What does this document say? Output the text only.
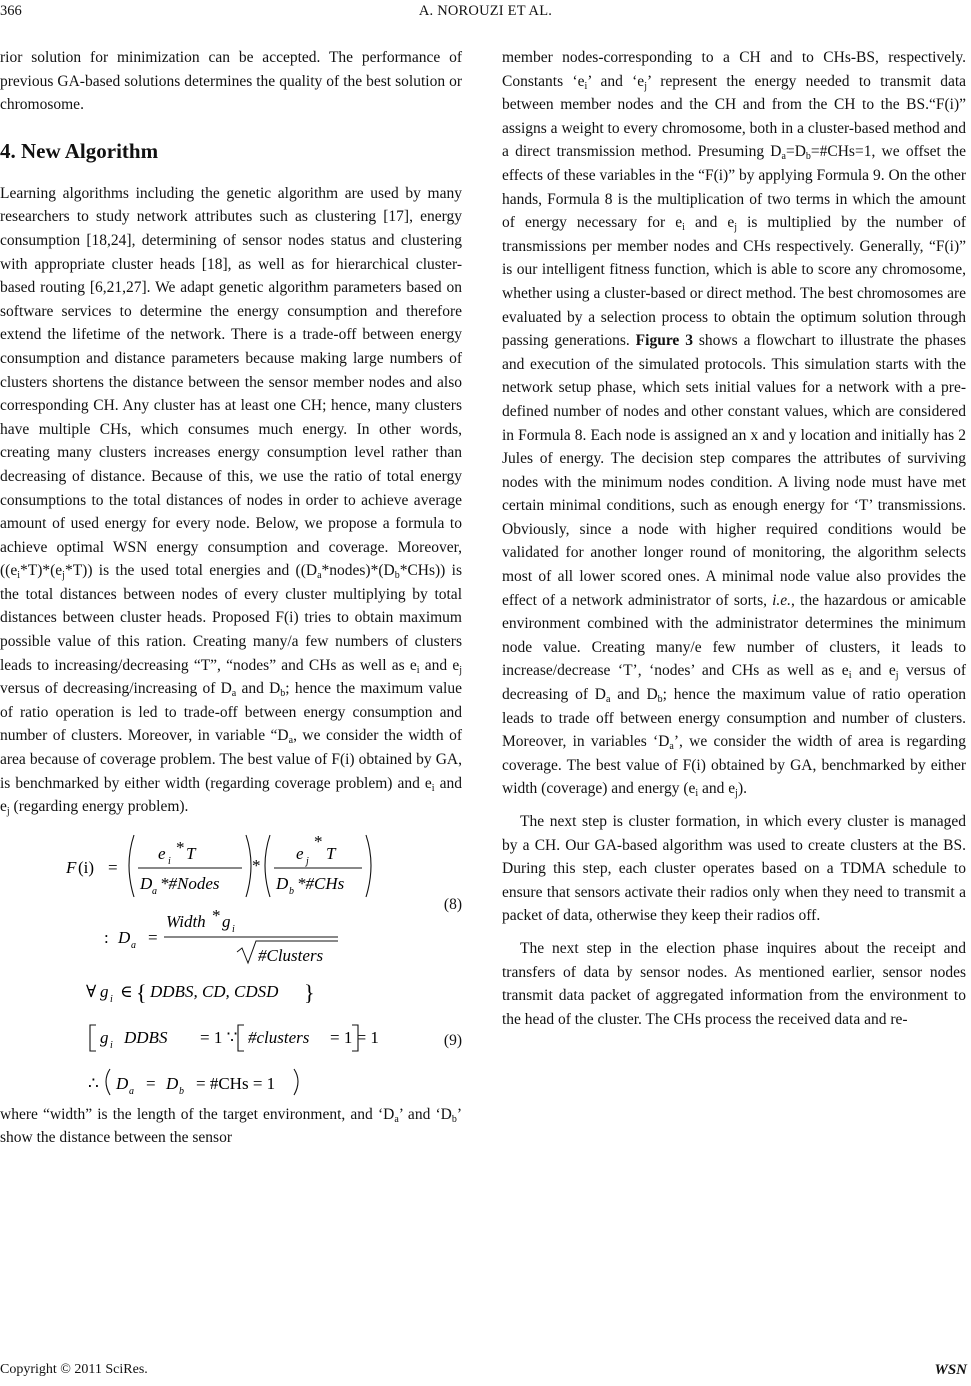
366	A. NOROUZI ET AL.

rior solution for minimization can be accepted. The performance of previous GA-based solutions determines the quality of the best solution or chromosome.

4. New Algorithm

Learning algorithms including the genetic algorithm are used by many researchers to study network attributes such as clustering [17], energy consumption [18,24], determining of sensor nodes status and clustering with appropriate cluster heads [18], as well as for hierarchical cluster-based routing [6,21,27]. We adapt genetic algorithm parameters based on software services to determine the energy consumption and therefore extend the lifetime of the network. There is a trade-off between energy consumption and distance parameters because making large numbers of clusters shortens the distance between the sensor member nodes and also corresponding CH. Any cluster has at least one CH; hence, many clusters have multiple CHs, which consumes much energy. In other words, creating many clusters increases energy consumption level rather than decreasing of distance. Because of this, we use the ratio of total energy consumptions to the total distances of nodes in order to achieve average amount of used energy for every node. Below, we propose a formula to achieve optimal WSN energy consumption and coverage. Moreover, $((e_i*T)*(e_j*T))$ is the used total energies and $((D_a*nodes)*(D_b*CHs))$ is the total distances between nodes of every cluster multiplying by total distances between cluster heads. Proposed F(i) tries to obtain maximum possible value of this ration. Creating many/a few numbers of clusters leads to increasing/decreasing “T”, “nodes” and CHs as well as $e_i$ and $e_j$ versus of decreasing/increasing of $D_a$ and $D_b$; hence the maximum value of ratio operation is led to trade-off between energy consumption and number of clusters. Moreover, in variable “$D_a$, we consider the width of area because of coverage problem. The best value of F(i) obtained by GA, is benchmarked by either width (regarding coverage problem) and $e_i$ and $e_j$ (regarding energy problem).

F (i) =
e i
* T
D a *#Nodes
*
e j
*
T
D b *#CHs
: D a =
Width * g i
#Clusters
(8)
∀ g i ∈ { DDBS, CD, CDSD }
g i DDBS = 1 ∵ #clusters = 1 = 1
∴ D a = D b = #CHs = 1
(9)

where “width” is the length of the target environment, and ‘$D_a$’ and ‘$D_b$’ show the distance between the sensor

member nodes-corresponding to a CH and to CHs-BS, respectively. Constants ‘$e_i$’ and ‘$e_j$’ represent the energy needed to transmit data between member nodes and the CH and from the CH to the BS.“F(i)” assigns a weight to every chromosome, both in a cluster-based method and a direct transmission method. Presuming $D_a=D_b=\#CHs=1$, we offset the effects of these variables in the “F(i)” by applying Formula 9. On the other hands, Formula 8 is the multiplication of two terms in which the amount of energy necessary for $e_i$ and $e_j$ is multiplied by the number of transmissions per member nodes and CHs respectively. Generally, “F(i)” is our intelligent fitness function, which is able to score any chromosome, whether using a cluster-based or direct method. The best chromosomes are evaluated by a selection process to obtain the optimum solution through passing generations. Figure 3 shows a flowchart to illustrate the phases and execution of the simulated protocols. This simulation starts with the network setup phase, which sets initial values for a network with a pre-defined number of nodes and other constant values, which are considered in Formula 8. Each node is assigned an x and y location and initially has 2 Jules of energy. The decision step compares the attributes of surviving nodes with the minimum nodes condition. A living node must have met certain minimal conditions, such as enough energy for ‘T’ transmissions. Obviously, since a node with higher required conditions would be validated for another longer round of monitoring, the algorithm selects most of all lower scored ones. A minimal node value also provides the effect of a network administrator of sorts, i.e., the hazardous or amicable environment combined with the administrator determines the minimum node value. Creating many/e few number of clusters, it leads to increase/decrease ‘T’, ‘nodes’ and CHs as well as $e_i$ and $e_j$ versus of decreasing of $D_a$ and $D_b$; hence the maximum value of ratio operation leads to trade off between energy consumption and number of clusters. Moreover, in variables ‘$D_a$’, we consider the width of area is regarding coverage. The best value of F(i) obtained by GA, benchmarked by either width (coverage) and energy ($e_i$ and $e_j$).

The next step is cluster formation, in which every cluster is managed by a CH. Our GA-based algorithm was used to create clusters at the BS. During this step, each cluster operates based on a TDMA schedule to ensure that sensors activate their radios only when they need to transmit a packet of data, otherwise they keep their radios off.

The next step in the election phase inquires about the receipt and transfers of data by sensor nodes. As mentioned earlier, sensor nodes transmit data packet of aggregated information from the environment to the head of the cluster. The CHs process the received data and re-

Copyright © 2011 SciRes.	WSN
